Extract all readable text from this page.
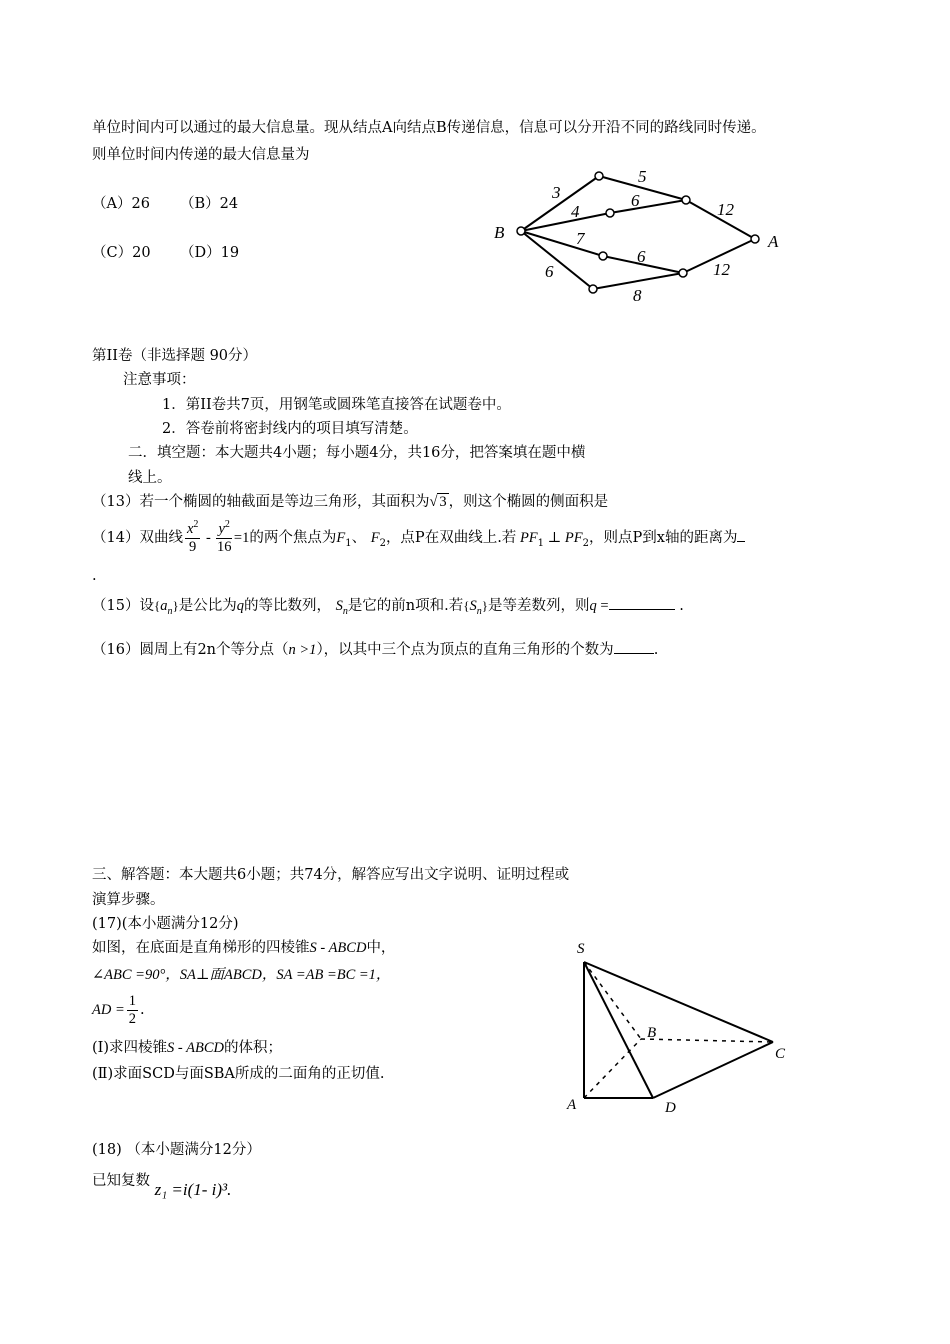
单位时间内可以通过的最大信息量。现从结点A向结点B传递信息，信息可以分开沿不同的路线同时传递。
则单位时间内传递的最大信息量为
（A）26 （B）24
（C）20 （D）19
B	A
3
5
4
6	12
7
6
6
8
12
第II卷（非选择题 90分）
注意事项：
1．第II卷共7页，用钢笔或圆珠笔直接答在试题卷中。
2．答卷前将密封线内的项目填写清楚。
二．填空题：本大题共4小题；每小题4分，共16分，把答案填在题中横
线上。
（13）若一个椭圆的轴截面是等边三角形，其面积为√ 3 ，则这个椭圆的侧面积是
（14）双曲线 $\frac{x^2}{9} - \frac{y^2}{16} =1$的两个焦点为$F_1$、 $F_2$，点P在双曲线上.若 $PF_1$ ⊥ $PF_2$，则点P到x轴的距离为
.
（15）设$\{a_n\}$是公比为q的等比数列， $S_n$是它的前n项和.若$\{S_n\}$是等差数列，则q =	.
（16）圆周上有2n个等分点（n >1），以其中三个点为顶点的直角三角形的个数为	.
三、解答题：本大题共6小题；共74分，解答应写出文字说明、证明过程或
演算步骤。
(17)(本小题满分12分)
如图，在底面是直角梯形的四棱锥S - ABCD中，
∠ABC =90°，SA⊥面ABCD，SA =AB =BC =1，
AD = $\frac{1}{2}$ .
(Ⅰ)求四棱锥S - ABCD的体积；
(Ⅱ)求面SCD与面SBA所成的二面角的正切值.
S
A
B
C
D
(18) （本小题满分12分）
已知复数 z₁ =i(1- i)³.
